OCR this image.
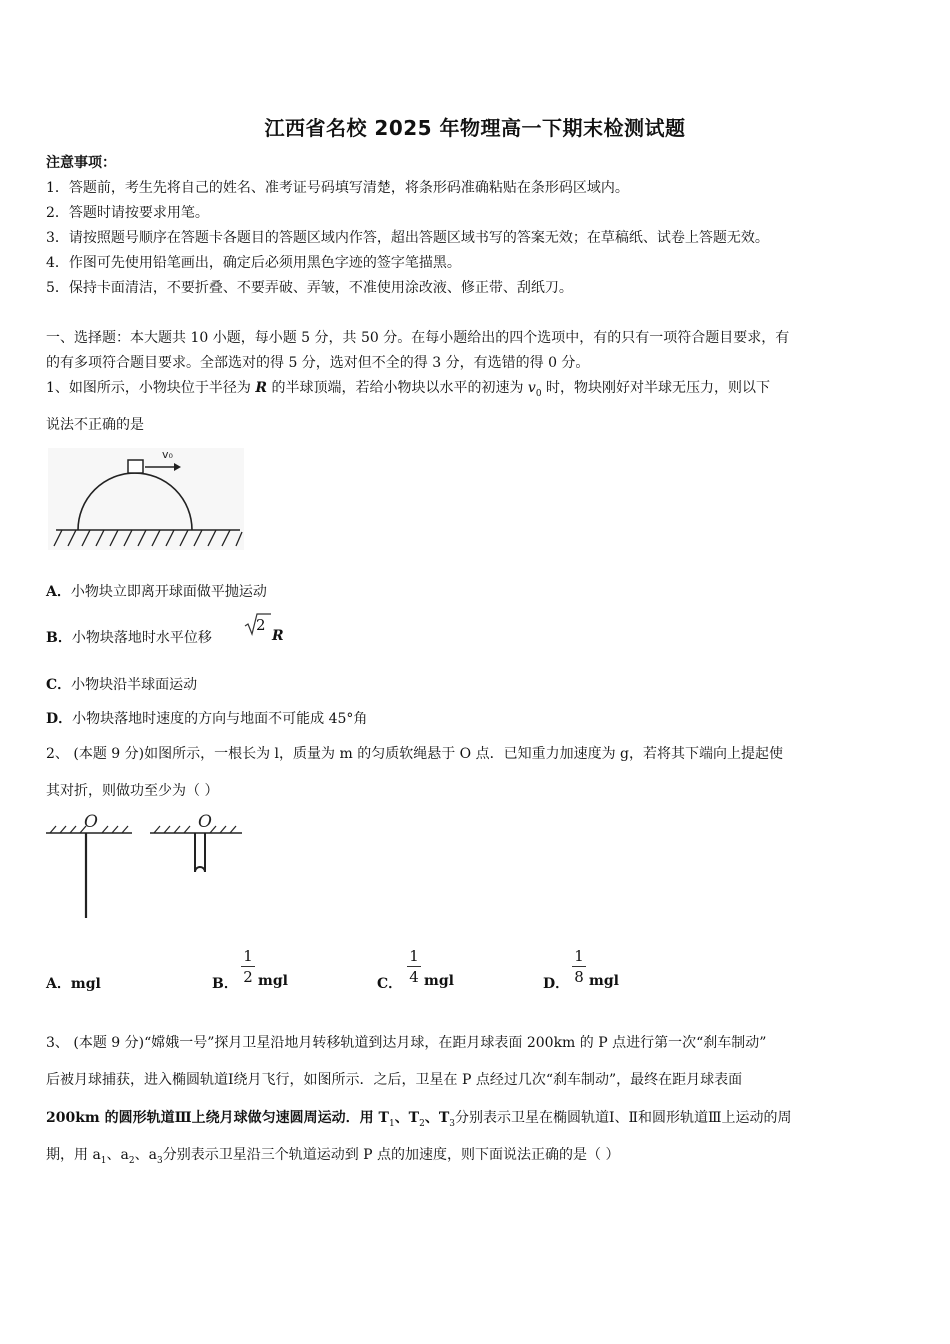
江西省名校 2025 年物理高一下期末检测试题
注意事项：
1．答题前，考生先将自己的姓名、准考证号码填写清楚，将条形码准确粘贴在条形码区域内。
2．答题时请按要求用笔。
3．请按照题号顺序在答题卡各题目的答题区域内作答，超出答题区域书写的答案无效；在草稿纸、试卷上答题无效。
4．作图可先使用铅笔画出，确定后必须用黑色字迹的签字笔描黑。
5．保持卡面清洁，不要折叠、不要弄破、弄皱，不准使用涂改液、修正带、刮纸刀。
一、选择题：本大题共 10 小题，每小题 5 分，共 50 分。在每小题给出的四个选项中，有的只有一项符合题目要求，有
的有多项符合题目要求。全部选对的得 5 分，选对但不全的得 3 分，有选错的得 0 分。
1、如图所示，小物块位于半径为 R 的半球顶端，若给小物块以水平的初速为 $v_0$ 时，物块刚好对半球无压力，则以下
说法不正确的是
v₀
A．小物块立即离开球面做平抛运动
B．小物块落地时水平位移
2
R
C．小物块沿半球面运动
D．小物块落地时速度的方向与地面不可能成 45°角
2、 (本题 9 分)如图所示，一根长为 l，质量为 m 的匀质软绳悬于 O 点．已知重力加速度为 g，若将其下端向上提起使
其对折，则做功至少为（ ）
O	O
A．mgl	B．
1
2 mgl	C．
1
4 mgl	D．
1
8 mgl
3、 (本题 9 分)“嫦娥一号”探月卫星沿地月转移轨道到达月球，在距月球表面 200km 的 P 点进行第一次“刹车制动”
后被月球捕获，进入椭圆轨道Ⅰ绕月飞行，如图所示．之后，卫星在 P 点经过几次“刹车制动”，最终在距月球表面
200km 的圆形轨道Ⅲ上绕月球做匀速圆周运动．用 $T_1$、$T_2$、$T_3$分别表示卫星在椭圆轨道Ⅰ、Ⅱ和圆形轨道Ⅲ上运动的周
期，用 $a_1$、$a_2$、$a_3$分别表示卫星沿三个轨道运动到 P 点的加速度，则下面说法正确的是（ ）
